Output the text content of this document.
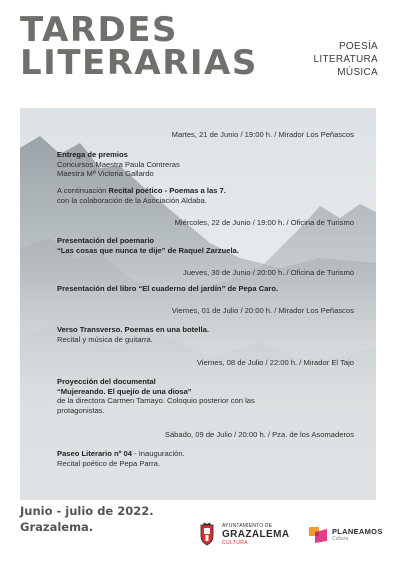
TARDES
LITERARIAS	POESÍA
LITERATURA
MÚSICA
Martes, 21 de Junio / 19:00 h. / Mirador Los Peñascos
Entrega de premios
Concursos Maestra Paula Contreras
Maestra Mª Victoria Gallardo
A continuación Recital poético - Poemas a las 7.
con la colaboración de la Asociación Aldaba.
Miércoles, 22 de Junio / 19:00 h. / Oficina de Turismo
Presentación del poemario
“Las cosas que nunca te dije” de Raquel Zarzuela.
Jueves, 30 de Junio / 20:00 h. / Oficina de Turismo
Presentación del libro “El cuaderno del jardín” de Pepa Caro.
Viernes, 01 de Julio / 20:00 h. / Mirador Los Peñascos
Verso Transverso. Poemas en una botella.
Recital y música de guitarra.
Viernes, 08 de Julio / 22:00 h. / Mirador El Tajo
Proyección del documental
“Mujereando. El quejío de una diosa”
de la directora Carmen Tamayo. Coloquio posterior con las
protagonistas.
Sábado, 09 de Julio / 20:00 h. / Pza. de los Asomaderos
Paseo Literario nº 04 - Inauguración.
Recital poético de Pepa Parra.
Junio - julio de 2022.
Grazalema.	AYUNTAMIENTO DE
GRAZALEMA
CULTURA
PLANEAMOS
Cultura
